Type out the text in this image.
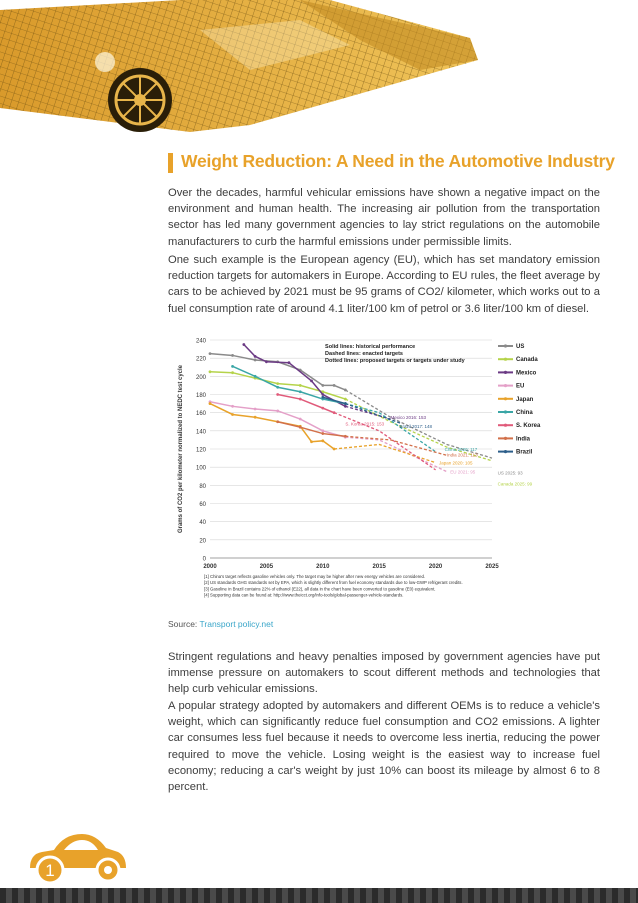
Weight Reduction: A Need in the Automotive Industry

Over the decades, harmful vehicular emissions have shown a negative impact on the environment and human health. The increasing air pollution from the transportation sector has led many government agencies to lay strict regulations on the automobile manufacturers to curb the harmful emissions under permissible limits.

One such example is the European agency (EU), which has set mandatory emission reduction targets for automakers in Europe. According to EU rules, the fleet average by cars to be achieved by 2021 must be 95 grams of CO2/ kilometer, which works out to a fuel consumption rate of around 4.1 liter/100 km of petrol or 3.6 liter/100 km of diesel.

0
20
40
60
80
100
120
140
160
180
200
220
240
2000	2005	2010	2015	2020	2025
Grams of CO2 per kilometer normalized to NEDC test cycle	Mexico 2016: 153
S. Korea 2015: 153
Brazil 2017: 148
China 2020: 117
India 2021: 113
Japan 2020: 105
EU 2021: 95	US 2025: 93
Canada 2025: 99
Solid lines: historical performance
Dashed lines: enacted targets
Dotted lines: proposed targets or targets under study
US
Canada
Mexico
EU
Japan
China
S. Korea
India
Brazil
[1] China's target reflects gasoline vehicles only. The target may be higher after new energy vehicles are considered.
[2] US standards GHG standards set by EPA, which is slightly different from fuel economy standards due to low-GWP refrigerant credits.
[3] Gasoline in Brazil contains 22% of ethanol (E22), all data in the chart have been converted to gasoline (E0) equivalent.
[4] Supporting data can be found at: http://www.theicct.org/info-tools/global-passenger-vehicle-standards.
Source: Transport policy.net

Stringent regulations and heavy penalties imposed by government agencies have put immense pressure on automakers to scout different methods and technologies that help curb vehicular emissions.

A popular strategy adopted by automakers and different OEMs is to reduce a vehicle's weight, which can significantly reduce fuel consumption and CO2 emissions. A lighter car consumes less fuel because it needs to overcome less inertia, reducing the power required to move the vehicle. Losing weight is the easiest way to increase fuel economy; reducing a car's weight by just 10% can boost its mileage by almost 6 to 8 percent.

1
